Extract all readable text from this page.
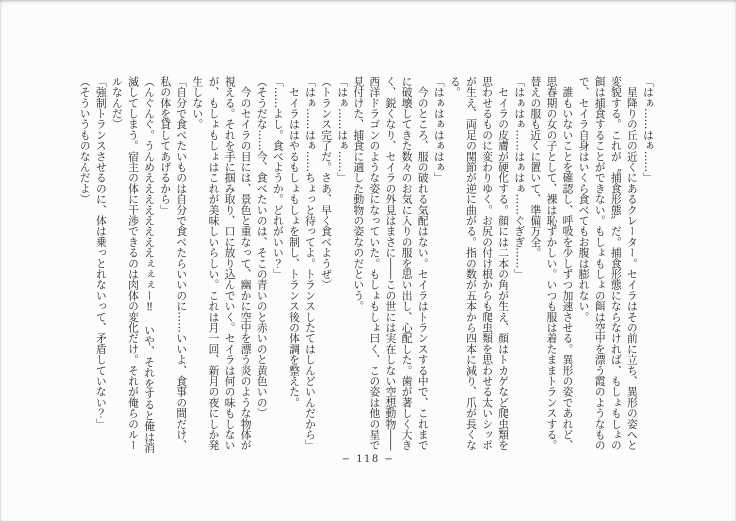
「はぁ……はぁ……」

　星降りの丘の近くにあるクレーター。セイラはその前に立ち、異形の姿へと

変貌する。これが〝捕食形態〟だ。捕食形態にならなければ、もしょもしょの

餌は捕食することができない。もしょもしょの餌は空中を漂う霞のようなもの

で、セイラ自身はいくら食べてもお腹は膨れない。

　誰もいないことを確認し、呼吸を少しずつ加速させる。異形の姿であれど、

思春期の女の子として、裸は恥ずかしい。いつも服は着たままトランスする。

替えの服も近くに置いて、準備万全。

「はぁはぁ……はぁはぁ……ぐぎぎ……」

　セイラの皮膚が硬化する。顔には二本の角が生え、顔はトカゲなど爬虫類を

思わせるものに変わりゆく。お尻の付け根からも爬虫類を思わせる太いシッポ

が生え、両足の関節が逆に曲がる。指の数が五本から四本に減り、爪が長くな

る。

「はぁはぁはぁはぁ」

　今のところ、服の破れる気配はない。セイラはトランスする中で、これまで

に破壊してきた数々のお気に入りの服を思い出し、心配した。歯が著しく大き

く、鋭くなり、セイラの外見はまさに――この世には実在しない空想動物――

西洋ドラゴンのような姿になっていた。もしょもしょ曰く、この姿は他の星で

見付けた、捕食に適した動物の姿なのだという。

「はぁ……はぁ……」

（トランス完了だ。さあ、早く食べようぜ）

「はぁ……はぁ……ちょっと待ってよ。トランスしたてはしんどいんだから」

　セイラははやるもしょもしょを制し、トランス後の体調を整えた。

「……よし。食べようか。どれがいい？」

（そうだな……今、食べたいのは、そこの青いのと赤いのと黄色いの）

　今のセイラの目には、景色と重なって、幽かに空中を漂う炎のような物体が

視える。それを手に掴み取り、口に放り込んでいく。セイラは何の味もしない

が、もしょもしょはこれが美味しいらしい。これは月一回、新月の夜にしか発

生しない。

「自分で食べたいものは自分で食べたらいいのに……いいよ、食事の間だけ、

私の体を貸してあげるから」

（んぐんぐ。うんめええええええええぇぇぇー‼　いや、それをすると俺は消

滅してしまう。宿主の体に干渉できるのは肉体の変化だけ。それが俺らのルー

ルなんだ）

「強制トランスさせるのに、体は乗っとれないって、矛盾していない？」

（そういうものなんだよ）

− 118 −
